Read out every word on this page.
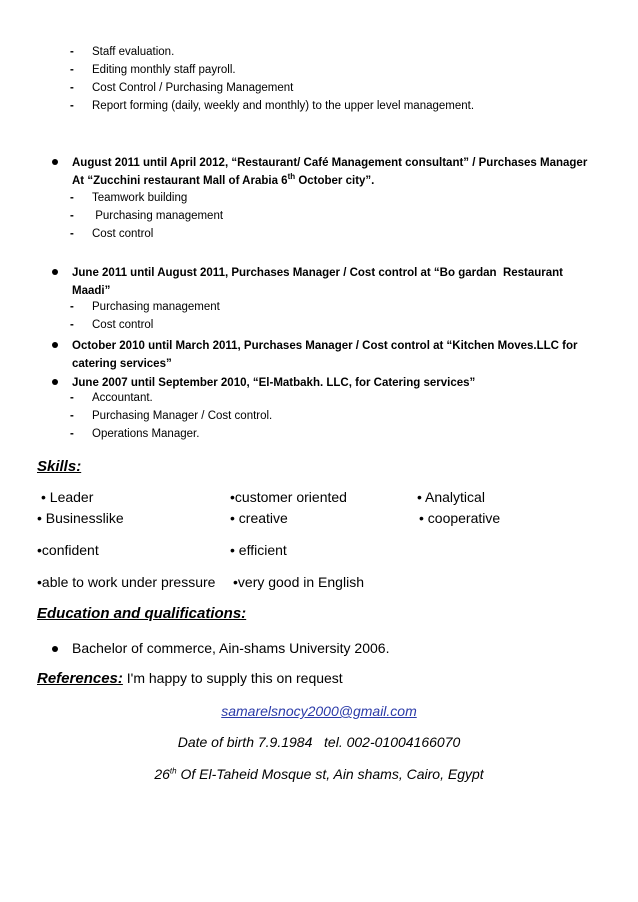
- Staff evaluation.
- Editing monthly staff payroll.
- Cost Control / Purchasing Management
- Report forming (daily, weekly and monthly) to the upper level management.
August 2011 until April 2012, “Restaurant/ Café Management consultant” / Purchases Manager
At “Zucchini restaurant Mall of Arabia 6th October city”.
- Teamwork building
- Purchasing management
- Cost control
June 2011 until August 2011, Purchases Manager / Cost control at “Bo gardan  Restaurant
Maadi”
- Purchasing management
- Cost control
October 2010 until March 2011, Purchases Manager / Cost control at “Kitchen Moves.LLC for
catering services”
June 2007 until September 2010, “El-Matbakh. LLC, for Catering services”
- Accountant.
- Purchasing Manager / Cost control.
- Operations Manager.
Skills:
• Leader	•customer oriented	• Analytical
• Businesslike	• creative	• cooperative
•confident	• efficient
•able to work under pressure •very good in English
Education and qualifications:
Bachelor of commerce, Ain-shams University 2006.
References: I'm happy to supply this on request
samarelsnocy2000@gmail.com
Date of birth 7.9.1984   tel. 002-01004166070
26th Of El-Taheid Mosque st, Ain shams, Cairo, Egypt
